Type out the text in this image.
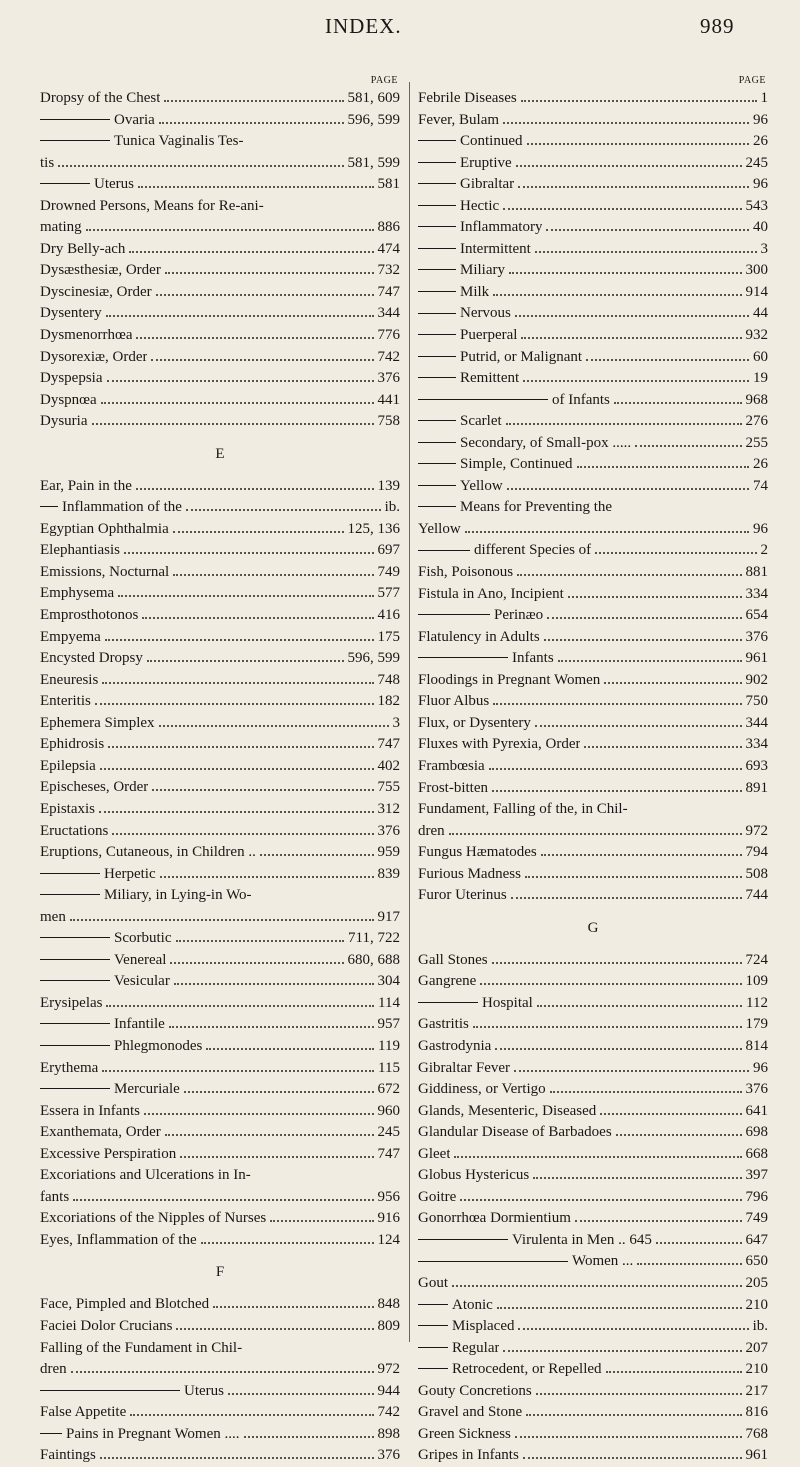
INDEX.	989
PAGE
Dropsy of the Chest	581, 609
Ovaria	596, 599
Tunica Vaginalis Tes-
tis	581, 599
Uterus	581
Drowned Persons, Means for Re-ani-
mating	886
Dry Belly-ach	474
Dysæsthesiæ, Order	732
Dyscinesiæ, Order	747
Dysentery	344
Dysmenorrhœa	776
Dysorexiæ, Order	742
Dyspepsia	376
Dyspnœa	441
Dysuria	758
E
Ear, Pain in the	139
Inflammation of the	ib.
Egyptian Ophthalmia	125, 136
Elephantiasis	697
Emissions, Nocturnal	749
Emphysema	577
Emprosthotonos	416
Empyema	175
Encysted Dropsy	596, 599
Eneuresis	748
Enteritis	182
Ephemera Simplex	3
Ephidrosis	747
Epilepsia	402
Epischeses, Order	755
Epistaxis	312
Eructations	376
Eruptions, Cutaneous, in Children ..	959
Herpetic	839
Miliary, in Lying-in Wo-
men	917
Scorbutic	711, 722
Venereal	680, 688
Vesicular	304
Erysipelas	114
Infantile	957
Phlegmonodes	119
Erythema	115
Mercuriale	672
Essera in Infants	960
Exanthemata, Order	245
Excessive Perspiration	747
Excoriations and Ulcerations in In-
fants	956
Excoriations of the Nipples of Nurses	916
Eyes, Inflammation of the	124
F
Face, Pimpled and Blotched	848
Faciei Dolor Crucians	809
Falling of the Fundament in Chil-
dren	972
Uterus	944
False Appetite	742
Pains in Pregnant Women ....	898
Faintings	376
PAGE
Febrile Diseases	1
Fever, Bulam	96
Continued	26
Eruptive	245
Gibraltar	96
Hectic	543
Inflammatory	40
Intermittent	3
Miliary	300
Milk	914
Nervous	44
Puerperal	932
Putrid, or Malignant	60
Remittent	19
of Infants	968
Scarlet	276
Secondary, of Small-pox .....	255
Simple, Continued	26
Yellow	74
Means for Preventing the
Yellow	96
different Species of	2
Fish, Poisonous	881
Fistula in Ano, Incipient	334
Perinæo	654
Flatulency in Adults	376
Infants	961
Floodings in Pregnant Women	902
Fluor Albus	750
Flux, or Dysentery	344
Fluxes with Pyrexia, Order	334
Frambœsia	693
Frost-bitten	891
Fundament, Falling of the, in Chil-
dren	972
Fungus Hæmatodes	794
Furious Madness	508
Furor Uterinus	744
G
Gall Stones	724
Gangrene	109
Hospital	112
Gastritis	179
Gastrodynia	814
Gibraltar Fever	96
Giddiness, or Vertigo	376
Glands, Mesenteric, Diseased	641
Glandular Disease of Barbadoes	698
Gleet	668
Globus Hystericus	397
Goitre	796
Gonorrhœa Dormientium	749
Virulenta in Men .. 645	647
Women ...	650
Gout	205
Atonic	210
Misplaced	ib.
Regular	207
Retrocedent, or Repelled	210
Gouty Concretions	217
Gravel and Stone	816
Green Sickness	768
Gripes in Infants	961
